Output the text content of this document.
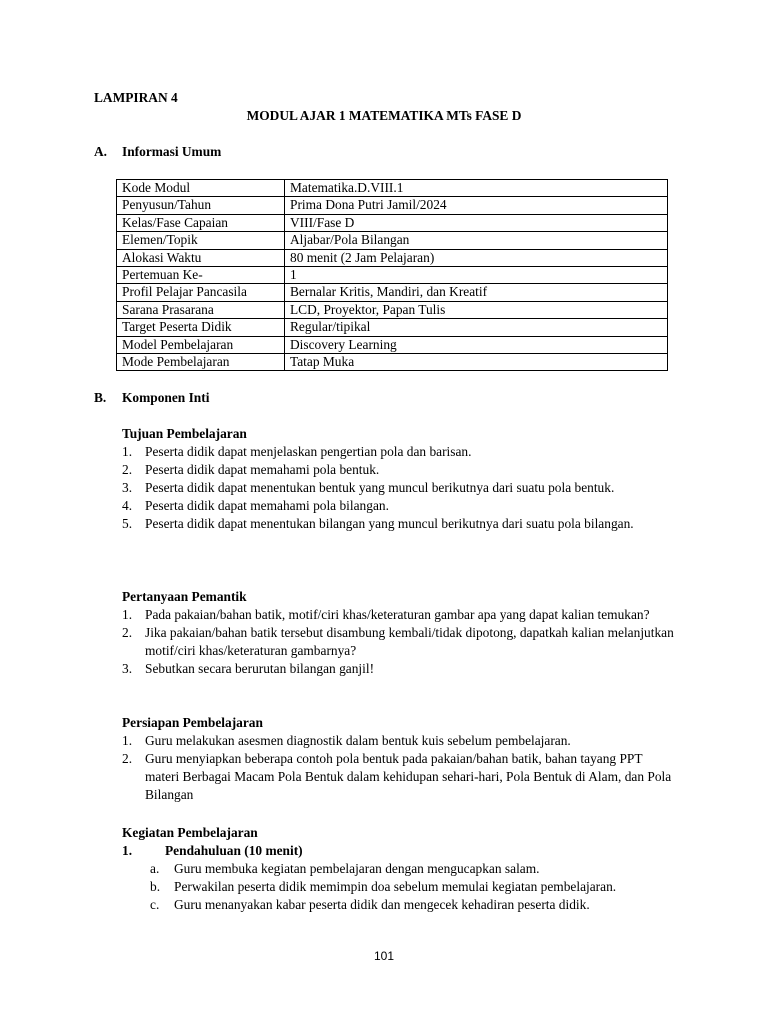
LAMPIRAN 4
MODUL AJAR 1 MATEMATIKA MTs FASE D
A. Informasi Umum
Kode Modul	Matematika.D.VIII.1
Penyusun/Tahun	Prima Dona Putri Jamil/2024
Kelas/Fase Capaian	VIII/Fase D
Elemen/Topik	Aljabar/Pola Bilangan
Alokasi Waktu	80 menit (2 Jam Pelajaran)
Pertemuan Ke-	1
Profil Pelajar Pancasila	Bernalar Kritis, Mandiri, dan Kreatif
Sarana Prasarana	LCD, Proyektor, Papan Tulis
Target Peserta Didik	Regular/tipikal
Model Pembelajaran	Discovery Learning
Mode Pembelajaran	Tatap Muka
B. Komponen Inti
Tujuan Pembelajaran
1. Peserta didik dapat menjelaskan pengertian pola dan barisan.
2. Peserta didik dapat memahami pola bentuk.
3. Peserta didik dapat menentukan bentuk yang muncul berikutnya dari suatu pola bentuk.
4. Peserta didik dapat memahami pola bilangan.
5. Peserta didik dapat menentukan bilangan yang muncul berikutnya dari suatu pola bilangan.
Pertanyaan Pemantik
1. Pada pakaian/bahan batik, motif/ciri khas/keteraturan gambar apa yang dapat kalian temukan?
2. Jika pakaian/bahan batik tersebut disambung kembali/tidak dipotong, dapatkah kalian melanjutkan motif/ciri khas/keteraturan gambarnya?
3. Sebutkan secara berurutan bilangan ganjil!
Persiapan Pembelajaran
1. Guru melakukan asesmen diagnostik dalam bentuk kuis sebelum pembelajaran.
2. Guru menyiapkan beberapa contoh pola bentuk pada pakaian/bahan batik, bahan tayang PPT materi Berbagai Macam Pola Bentuk dalam kehidupan sehari-hari, Pola Bentuk di Alam, dan Pola Bilangan
Kegiatan Pembelajaran
1. Pendahuluan (10 menit)
a. Guru membuka kegiatan pembelajaran dengan mengucapkan salam.
b. Perwakilan peserta didik memimpin doa sebelum memulai kegiatan pembelajaran.
c. Guru menanyakan kabar peserta didik dan mengecek kehadiran peserta didik.
101
